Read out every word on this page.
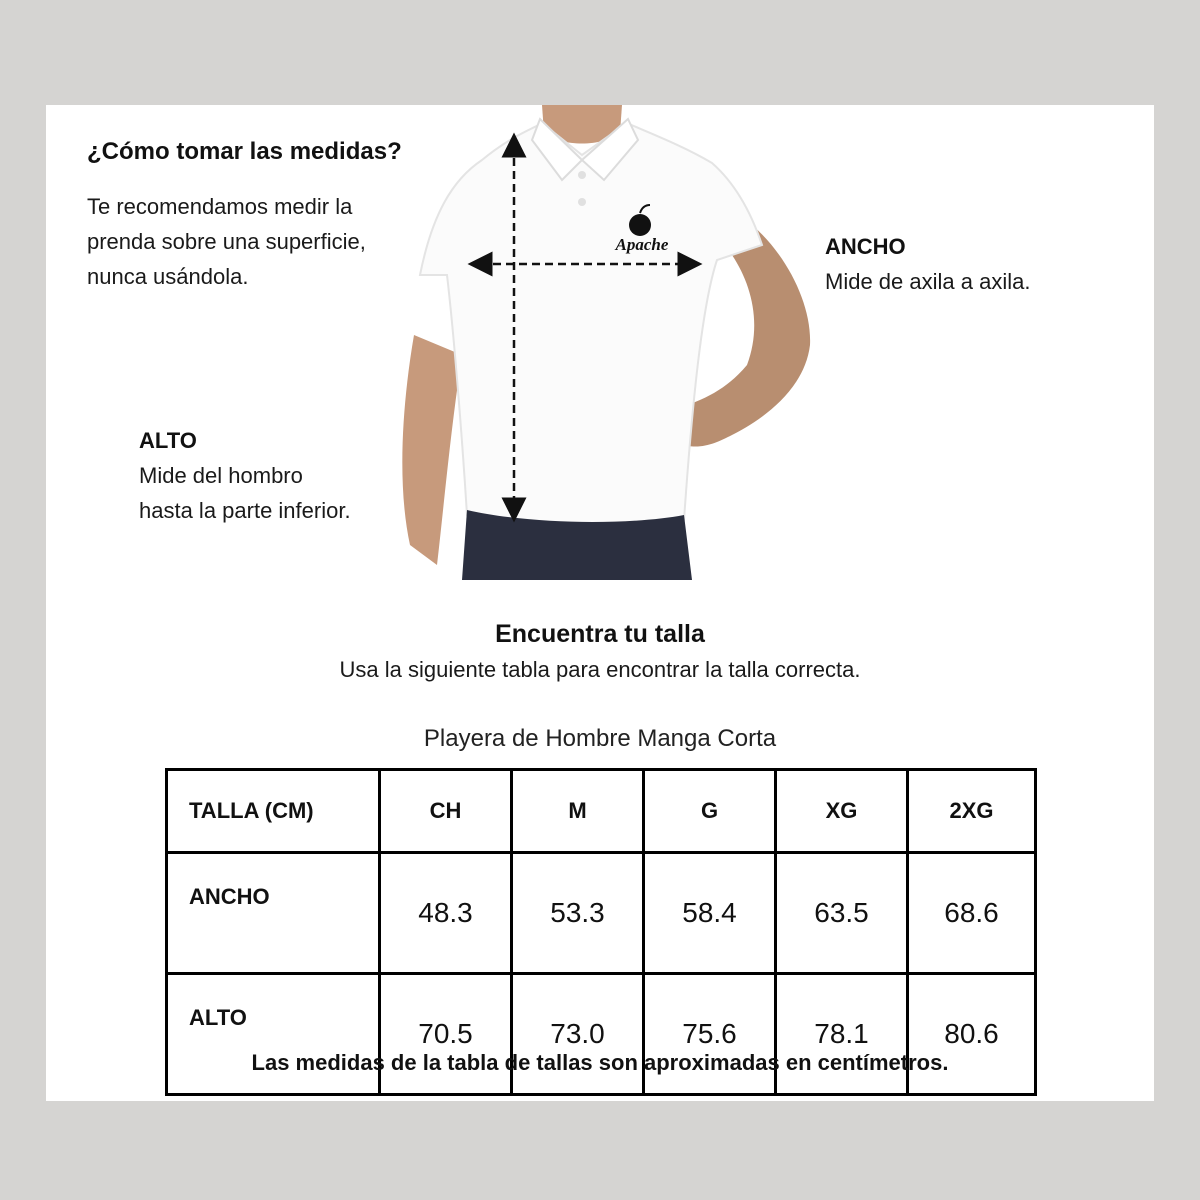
¿Cómo tomar las medidas?
Te recomendamos medir la
prenda sobre una superficie,
nunca usándola.
Apache	ANCHO
Mide de axila a axila.
ALTO
Mide del hombro
hasta la parte inferior.
Encuentra tu talla
Usa la siguiente tabla para encontrar la talla correcta.
Playera de Hombre Manga Corta
TALLA (CM)	CH	M	G	XG	2XG
ANCHO	48.3	53.3	58.4	63.5	68.6
ALTO	70.5	73.0	75.6	78.1	80.6
Las medidas de la tabla de tallas son aproximadas en centímetros.
